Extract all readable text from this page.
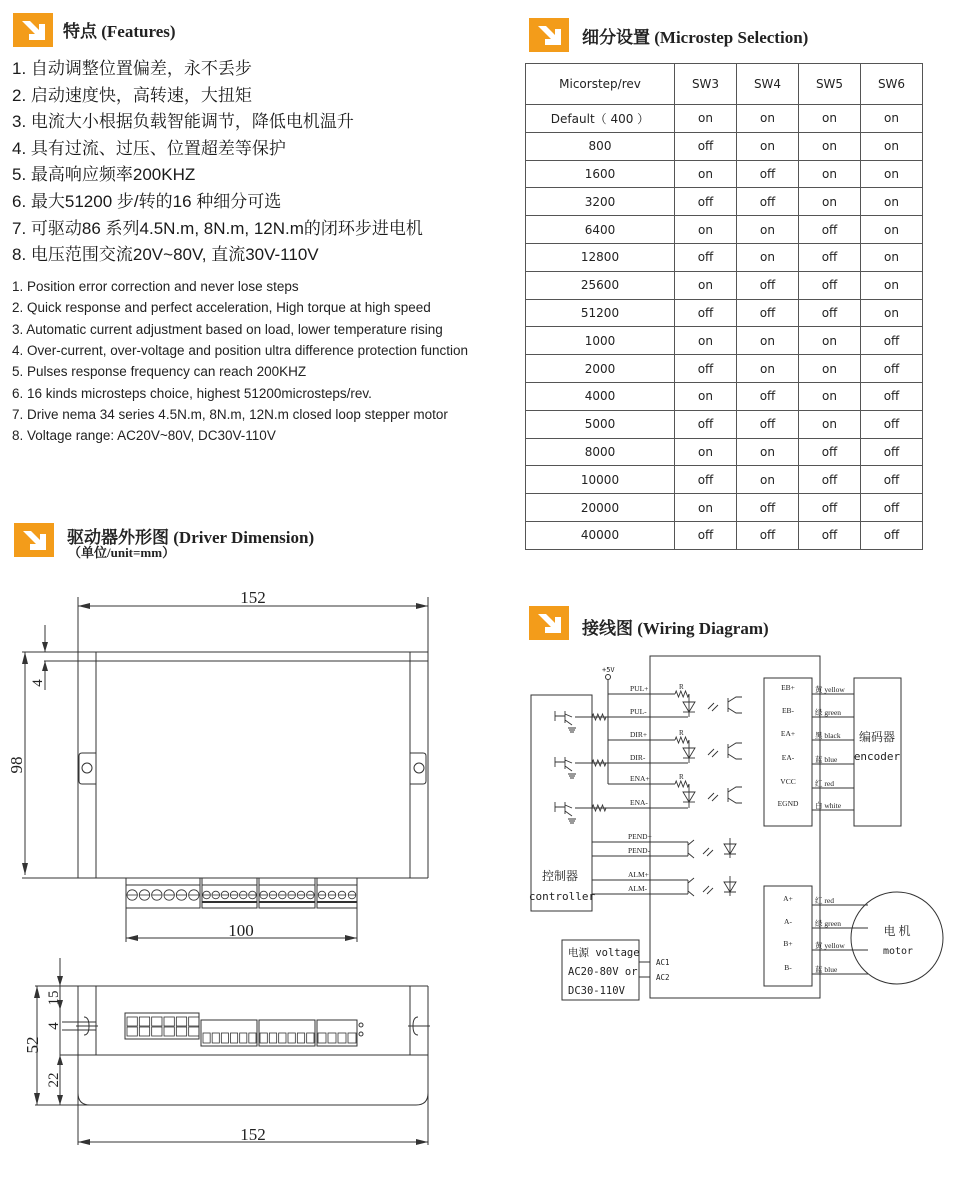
特点 (Features)
1. 自动调整位置偏差，永不丢步
2. 启动速度快，高转速，大扭矩
3. 电流大小根据负载智能调节，降低电机温升
4. 具有过流、过压、位置超差等保护
5. 最高响应频率200KHZ
6. 最大51200 步/转的16 种细分可选
7. 可驱动86 系列4.5N.m, 8N.m, 12N.m的闭环步进电机
8. 电压范围交流20V~80V, 直流30V-110V
1. Position error correction and never lose steps
2. Quick response and perfect acceleration, High torque at high speed
3. Automatic current adjustment based on load, lower temperature rising
4. Over-current, over-voltage and position ultra difference protection function
5. Pulses response frequency can reach 200KHZ
6. 16 kinds microsteps choice, highest 51200microsteps/rev.
7. Drive nema 34 series 4.5N.m, 8N.m, 12N.m closed loop stepper motor
8. Voltage range: AC20V~80V, DC30V-110V
细分设置 (Microstep Selection)
Micorstep/rev	SW3	SW4	SW5	SW6
Default（ 400 ）	on	on	on	on
800	off	on	on	on
1600	on	off	on	on
3200	off	off	on	on
6400	on	on	off	on
12800	off	on	off	on
25600	on	off	off	on
51200	off	off	off	on
1000	on	on	on	off
2000	off	on	on	off
4000	on	off	on	off
5000	off	off	on	off
8000	on	on	off	off
10000	off	on	off	off
20000	on	off	off	off
40000	off	off	off	off
驱动器外形图 (Driver Dimension)
（单位/unit=mm）
152
98
4
100
52
15
4
22
152
接线图 (Wiring Diagram)
PUL+
PUL-
DIR+
DIR-
ENA+
ENA-
R
R
R
PEND+
PEND-
ALM+
ALM-
EB+	黄 yellow
EB-	绿 green
EA+	黑 black
EA-	蓝 blue
VCC	红 red
EGND 白 white
A+	红 red
A-	绿 green
B+	黄 yellow
B-	蓝 blue
+5V
控制器
controller
电源 voltage
AC20-80V or
DC30-110V
AC1
AC2
编码器
encoder
电 机
motor
